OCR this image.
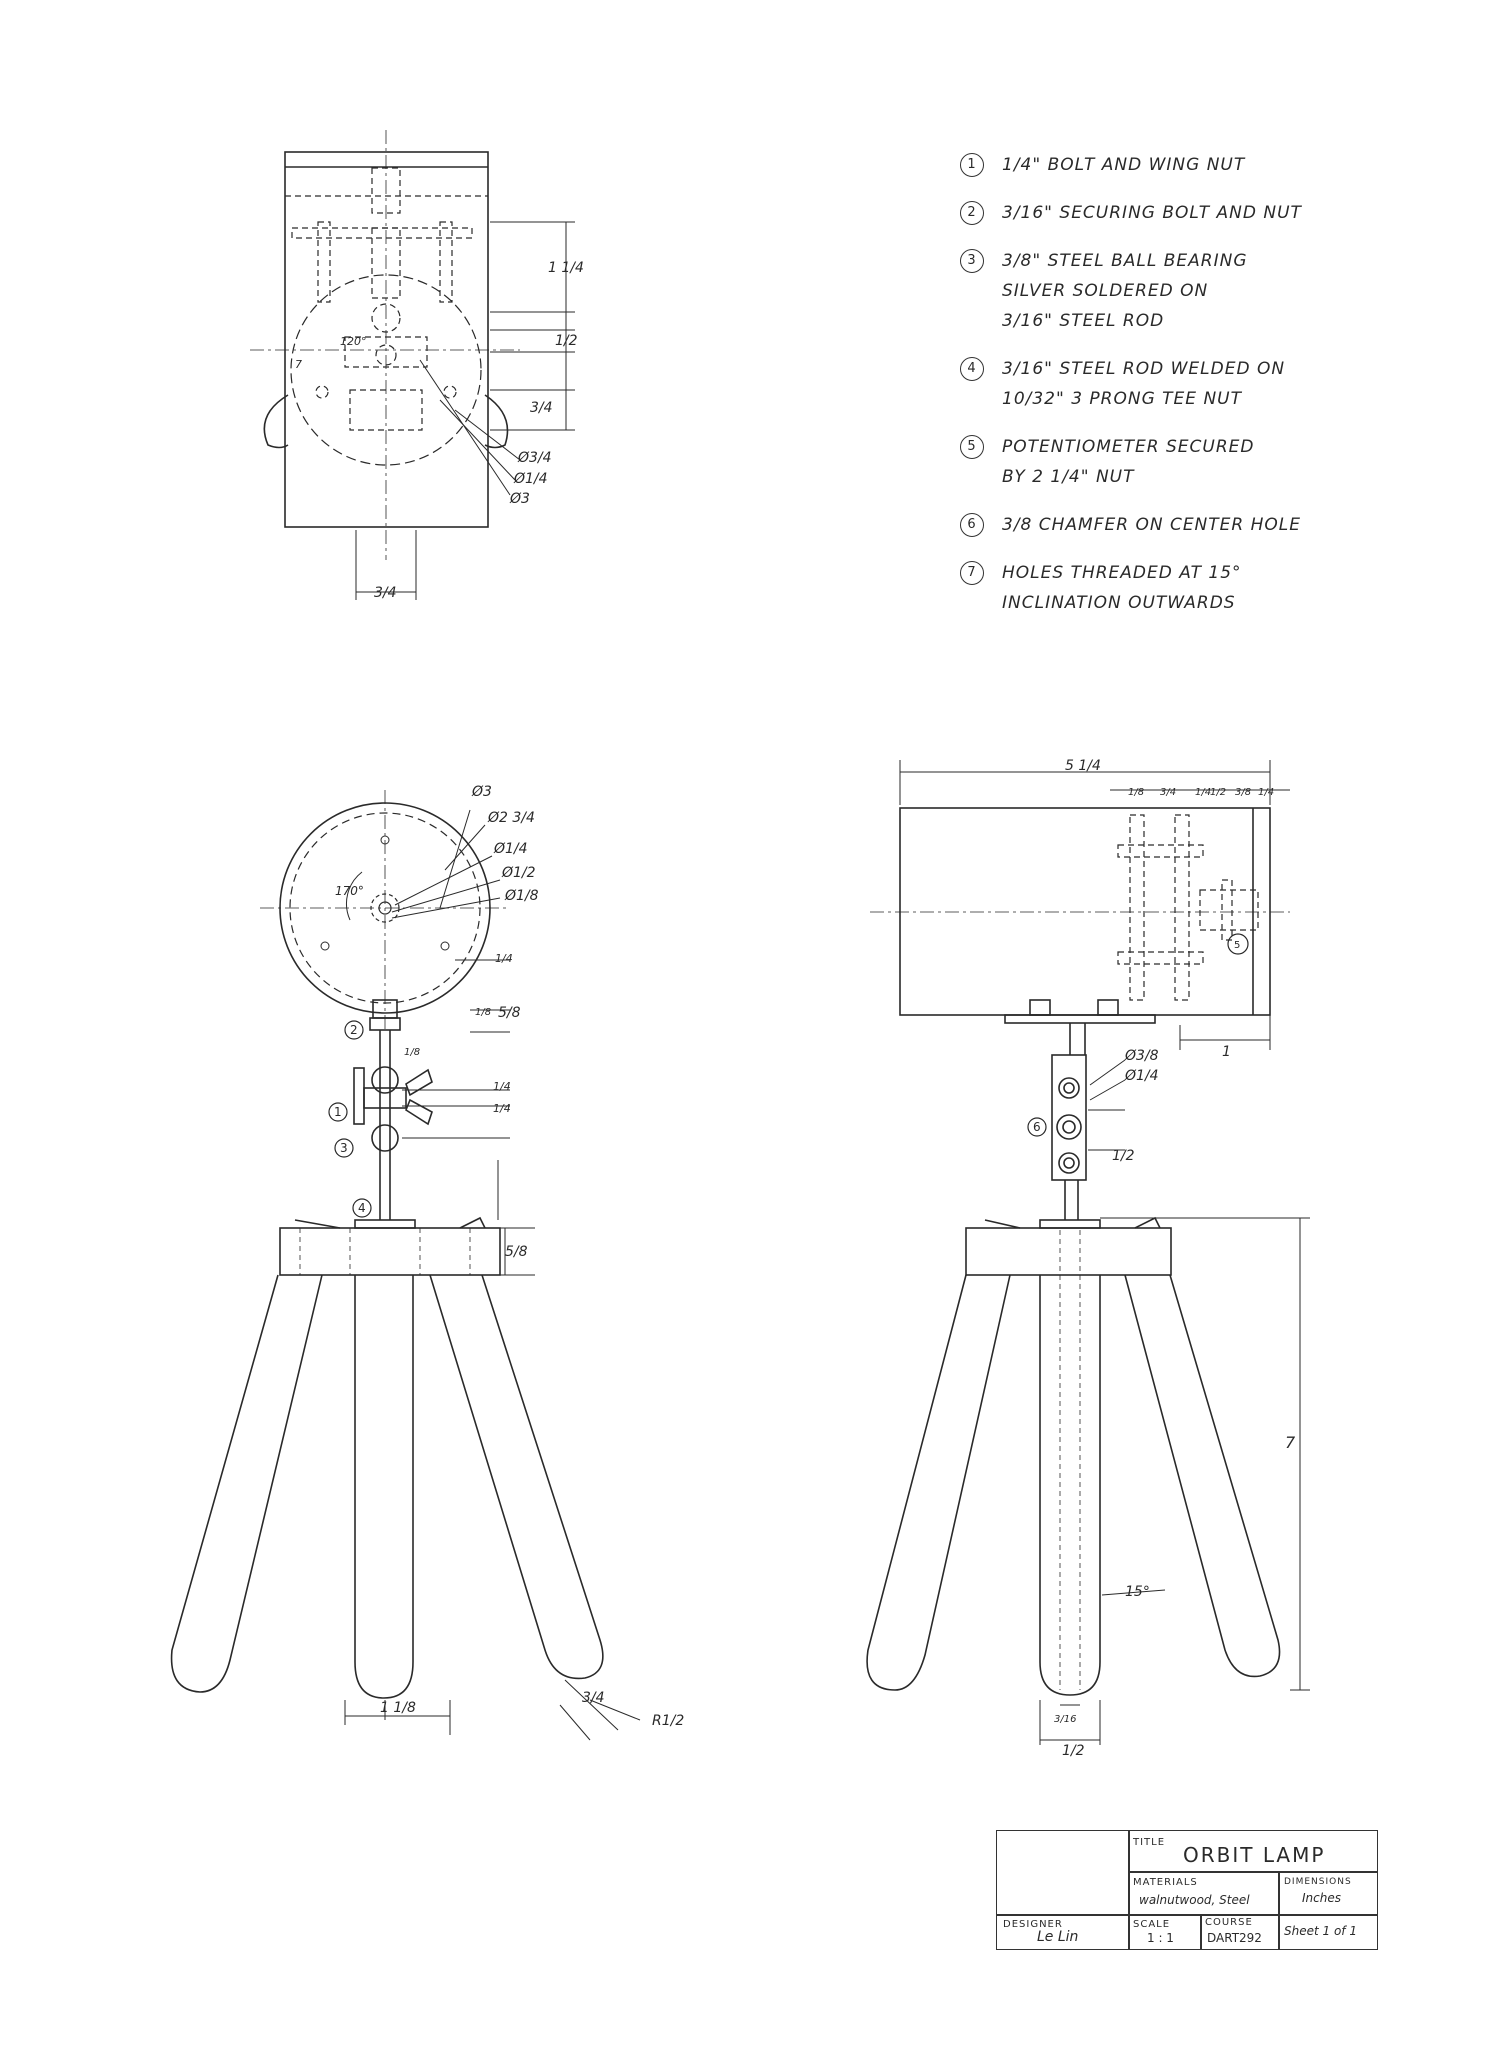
1 1/4
1/2
3/4
Ø3/4
Ø1/4
Ø3
3/4
120°
7
Ø3
Ø2 3/4
Ø1/4
Ø1/2
Ø1/8
170°
1/4
1/8 5/8
1/8
1/4
1/4
5/8
1 1/8
3/4
R1/2
2
1
3
4
5 1/4
1/8 3/4 1/4
1/2 3/8 1/4
1
Ø3/8
Ø1/4
1/2
7
15°
3/16
1/2
6
5
1	1/4" BOLT AND WING NUT
2	3/16" SECURING BOLT AND NUT
3	3/8" STEEL BALL BEARING
SILVER SOLDERED ON
3/16" STEEL ROD
4	3/16" STEEL ROD WELDED ON
10/32" 3 PRONG TEE NUT
5	POTENTIOMETER SECURED
BY 2 1/4" NUT
6	3/8 CHAMFER ON CENTER HOLE
7	HOLES THREADED AT 15°
INCLINATION OUTWARDS
TITLE
ORBIT LAMP
MATERIALS
walnutwood, Steel
DIMENSIONS
Inches
DESIGNER
Le Lin
SCALE
1 : 1
COURSE
DART292 Sheet 1 of 1
